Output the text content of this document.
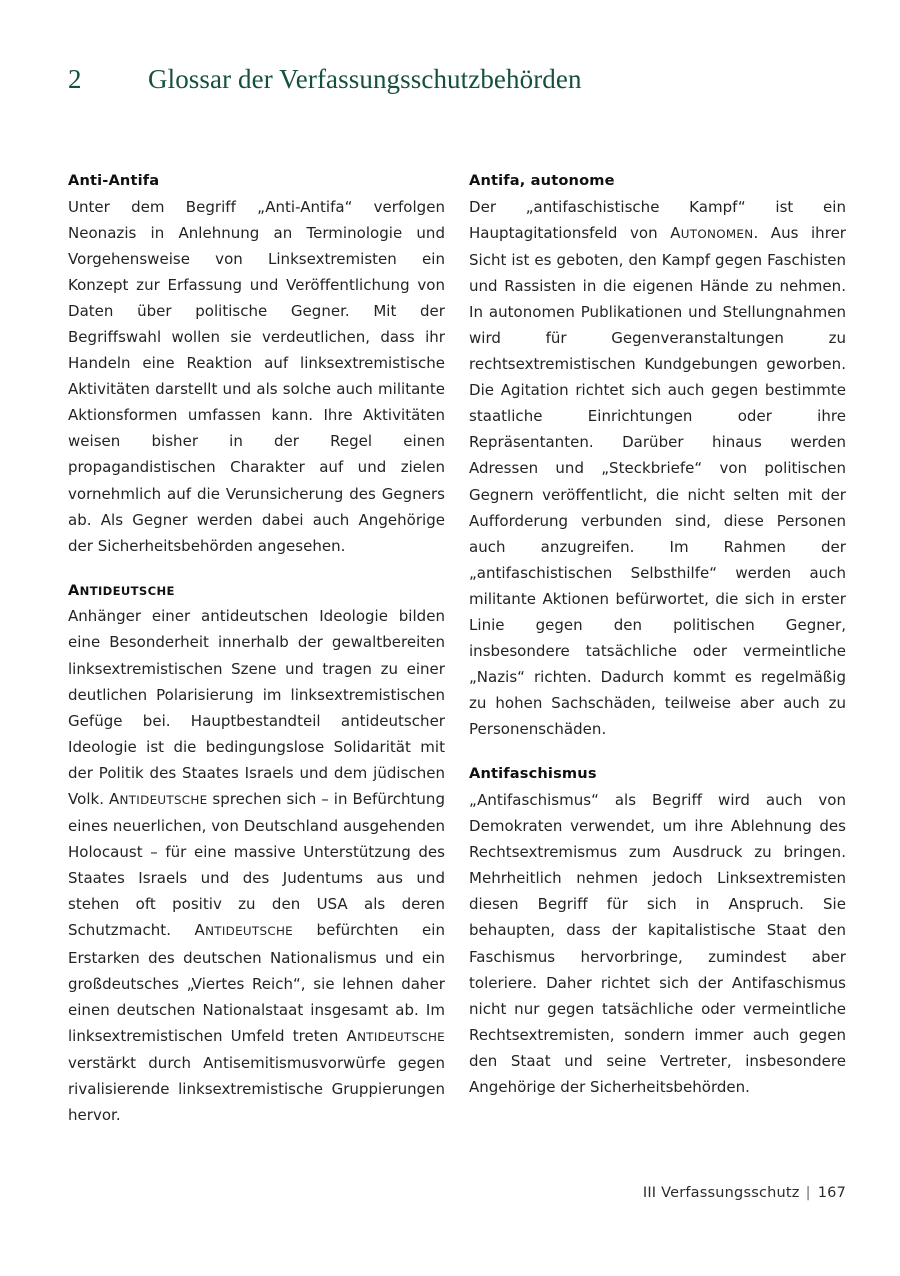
2	Glossar der Verfassungsschutzbehörden
Anti-Antifa

Unter dem Begriff „Anti-Antifa“ verfolgen Neonazis in Anlehnung an Terminologie und Vorgehensweise von Linksextremisten ein Konzept zur Erfassung und Veröffentlichung von Daten über politische Gegner. Mit der Begriffswahl wollen sie verdeutlichen, dass ihr Handeln eine Reaktion auf linksextremistische Aktivitäten darstellt und als solche auch militante Aktionsformen umfassen kann. Ihre Aktivitäten weisen bisher in der Regel einen propagandistischen Charakter auf und zielen vornehmlich auf die Verunsicherung des Gegners ab. Als Gegner werden dabei auch Angehörige der Sicherheitsbehörden angesehen.

ANTIDEUTSCHE

Anhänger einer antideutschen Ideologie bilden eine Besonderheit innerhalb der gewaltbereiten linksextremistischen Szene und tragen zu einer deutlichen Polarisierung im linksextremistischen Gefüge bei. Hauptbestandteil antideutscher Ideologie ist die bedingungslose Solidarität mit der Politik des Staates Israels und dem jüdischen Volk. ANTIDEUTSCHE sprechen sich – in Befürchtung eines neuerlichen, von Deutschland ausgehenden Holocaust – für eine massive Unterstützung des Staates Israels und des Judentums aus und stehen oft positiv zu den USA als deren Schutzmacht. ANTIDEUTSCHE befürchten ein Erstarken des deutschen Nationalismus und ein großdeutsches „Viertes Reich“, sie lehnen daher einen deutschen Nationalstaat insgesamt ab. Im linksextremistischen Umfeld treten ANTIDEUTSCHE verstärkt durch Antisemitismusvorwürfe gegen rivalisierende linksextremistische Gruppierungen hervor.

Antifa, autonome

Der „antifaschistische Kampf“ ist ein Hauptagitationsfeld von AUTONOMEN. Aus ihrer Sicht ist es geboten, den Kampf gegen Faschisten und Rassisten in die eigenen Hände zu nehmen. In autonomen Publikationen und Stellungnahmen wird für Gegenveranstaltungen zu rechtsextremistischen Kundgebungen geworben. Die Agitation richtet sich auch gegen bestimmte staatliche Einrichtungen oder ihre Repräsentanten. Darüber hinaus werden Adressen und „Steckbriefe“ von politischen Gegnern veröffentlicht, die nicht selten mit der Aufforderung verbunden sind, diese Personen auch anzugreifen. Im Rahmen der „antifaschistischen Selbsthilfe“ werden auch militante Aktionen befürwortet, die sich in erster Linie gegen den politischen Gegner, insbesondere tatsächliche oder vermeintliche „Nazis“ richten. Dadurch kommt es regelmäßig zu hohen Sachschäden, teilweise aber auch zu Personenschäden.

Antifaschismus

„Antifaschismus“ als Begriff wird auch von Demokraten verwendet, um ihre Ablehnung des Rechtsextremismus zum Ausdruck zu bringen. Mehrheitlich nehmen jedoch Linksextremisten diesen Begriff für sich in Anspruch. Sie behaupten, dass der kapitalistische Staat den Faschismus hervorbringe, zumindest aber toleriere. Daher richtet sich der Antifaschismus nicht nur gegen tatsächliche oder vermeintliche Rechtsextremisten, sondern immer auch gegen den Staat und seine Vertreter, insbesondere Angehörige der Sicherheitsbehörden.

III Verfassungsschutz | 167
